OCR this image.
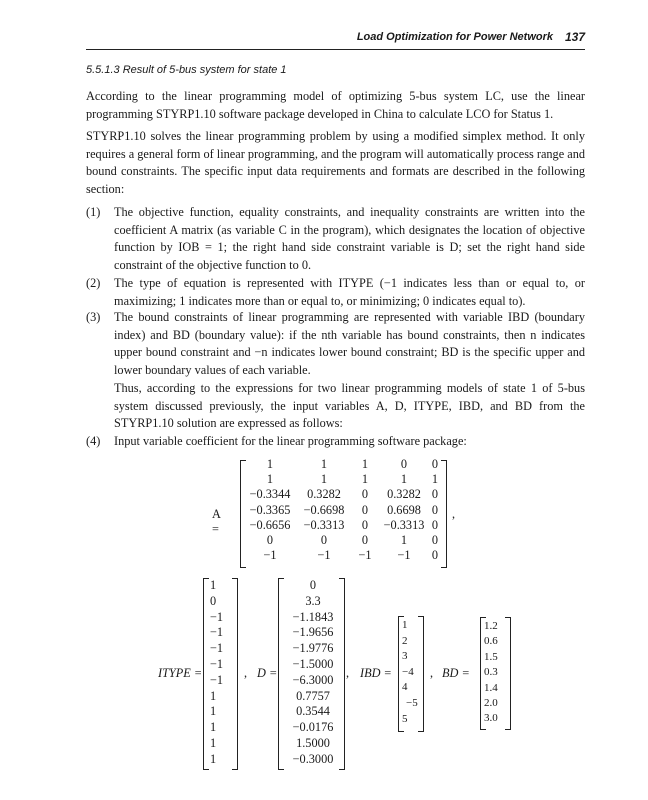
Load Optimization for Power Network 137
5.5.1.3 Result of 5-bus system for state 1

According to the linear programming model of optimizing 5-bus system LC, use the linear programming STYRP1.10 software package developed in China to calculate LCO for Status 1.

STYRP1.10 solves the linear programming problem by using a modified simplex method. It only requires a general form of linear programming, and the program will automatically process range and bound constraints. The specific input data requirements and formats are described in the following section:

(1) The objective function, equality constraints, and inequality constraints are written into the coefficient A matrix (as variable C in the program), which designates the location of objective function by IOB = 1; the right hand side constraint variable is D; set the right hand side constraint of the objective function to 0.
(2) The type of equation is represented with ITYPE (−1 indicates less than or equal to, or maximizing; 1 indicates more than or equal to, or minimizing; 0 indicates equal to).
(3) The bound constraints of linear programming are represented with variable IBD (boundary index) and BD (boundary value): if the nth variable has bound constraints, then n indicates upper bound constraint and −n indicates lower bound constraint; BD is the specific upper and lower boundary values of each variable.
Thus, according to the expressions for two linear programming models of state 1 of 5-bus system discussed previously, the input variables A, D, ITYPE, IBD, and BD from the STYRP1.10 solution are expressed as follows:
(4) Input variable coefficient for the linear programming software package:
A =
,
1
1
−0.3344
−0.3365
−0.6656
0
−1
1
1
0.3282
−0.6698
−0.3313
0
−1
1
1
0
0
0
0
−1
0
1
0.3282
0.6698
−0.3313
1
−1
0
1
0
0
0
0
0
ITYPE =
1
0
−1
−1
−1
−1
−1
1
1
1
1
1
, D =
0
3.3
−1.1843
−1.9656
−1.9776
−1.5000
−6.3000
0.7757
0.3544
−0.0176
1.5000
−0.3000
, IBD =
1
2
3
−4
4
−5
5
, BD =
1.2
0.6
1.5
0.3
1.4
2.0
3.0
